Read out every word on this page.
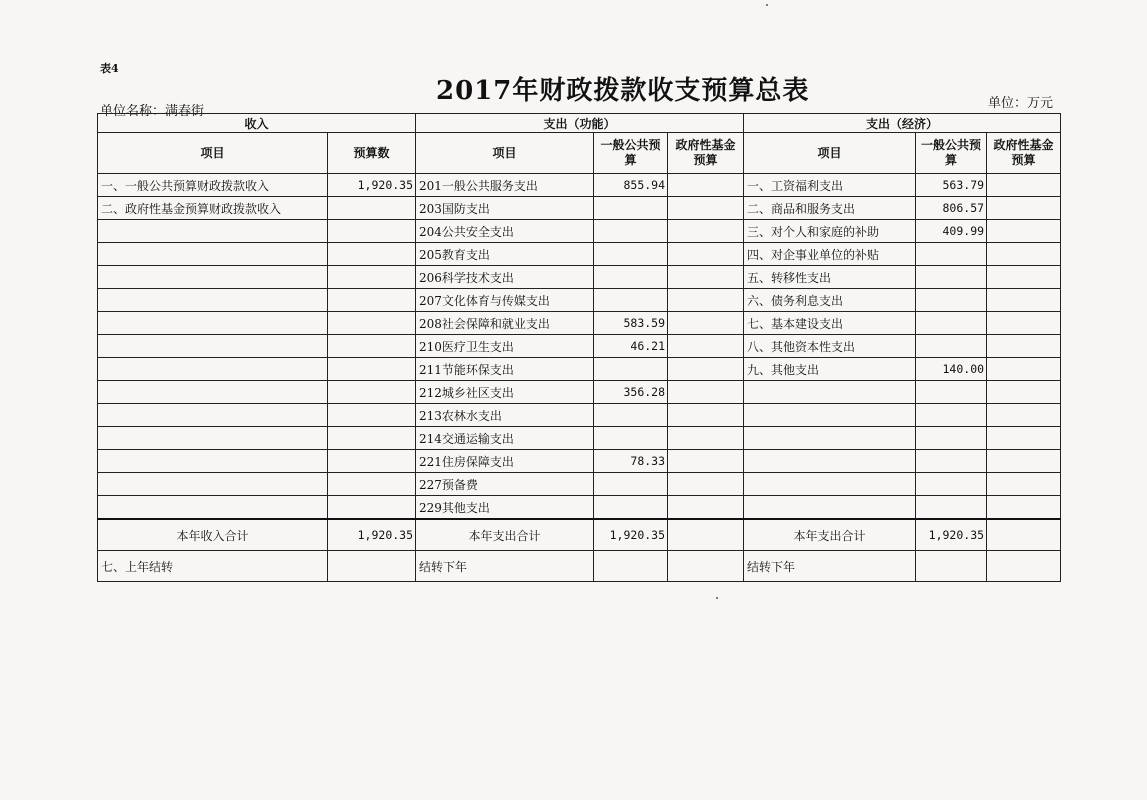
表4
2017年财政拨款收支预算总表
单位名称：满春街
单位：万元
收入		支出（功能）			支出（经济）		
项目	预算数	项目	一般公共预算	政府性基金预算	项目	一般公共预算	政府性基金预算
一、一般公共预算财政拨款收入	1,920.35	201一般公共服务支出	855.94		一、工资福利支出	563.79	
二、政府性基金预算财政拨款收入		203国防支出			二、商品和服务支出	806.57	
		204公共安全支出			三、对个人和家庭的补助	409.99	
		205教育支出			四、对企事业单位的补贴		
		206科学技术支出			五、转移性支出		
		207文化体育与传媒支出			六、债务利息支出		
		208社会保障和就业支出	583.59		七、基本建设支出		
		210医疗卫生支出	46.21		八、其他资本性支出		
		211节能环保支出			九、其他支出	140.00	
		212城乡社区支出	356.28				
		213农林水支出					
		214交通运输支出					
		221住房保障支出	78.33				
		227预备费					
		229其他支出					
本年收入合计	1,920.35	本年支出合计	1,920.35		本年支出合计	1,920.35	
七、上年结转		结转下年			结转下年		
